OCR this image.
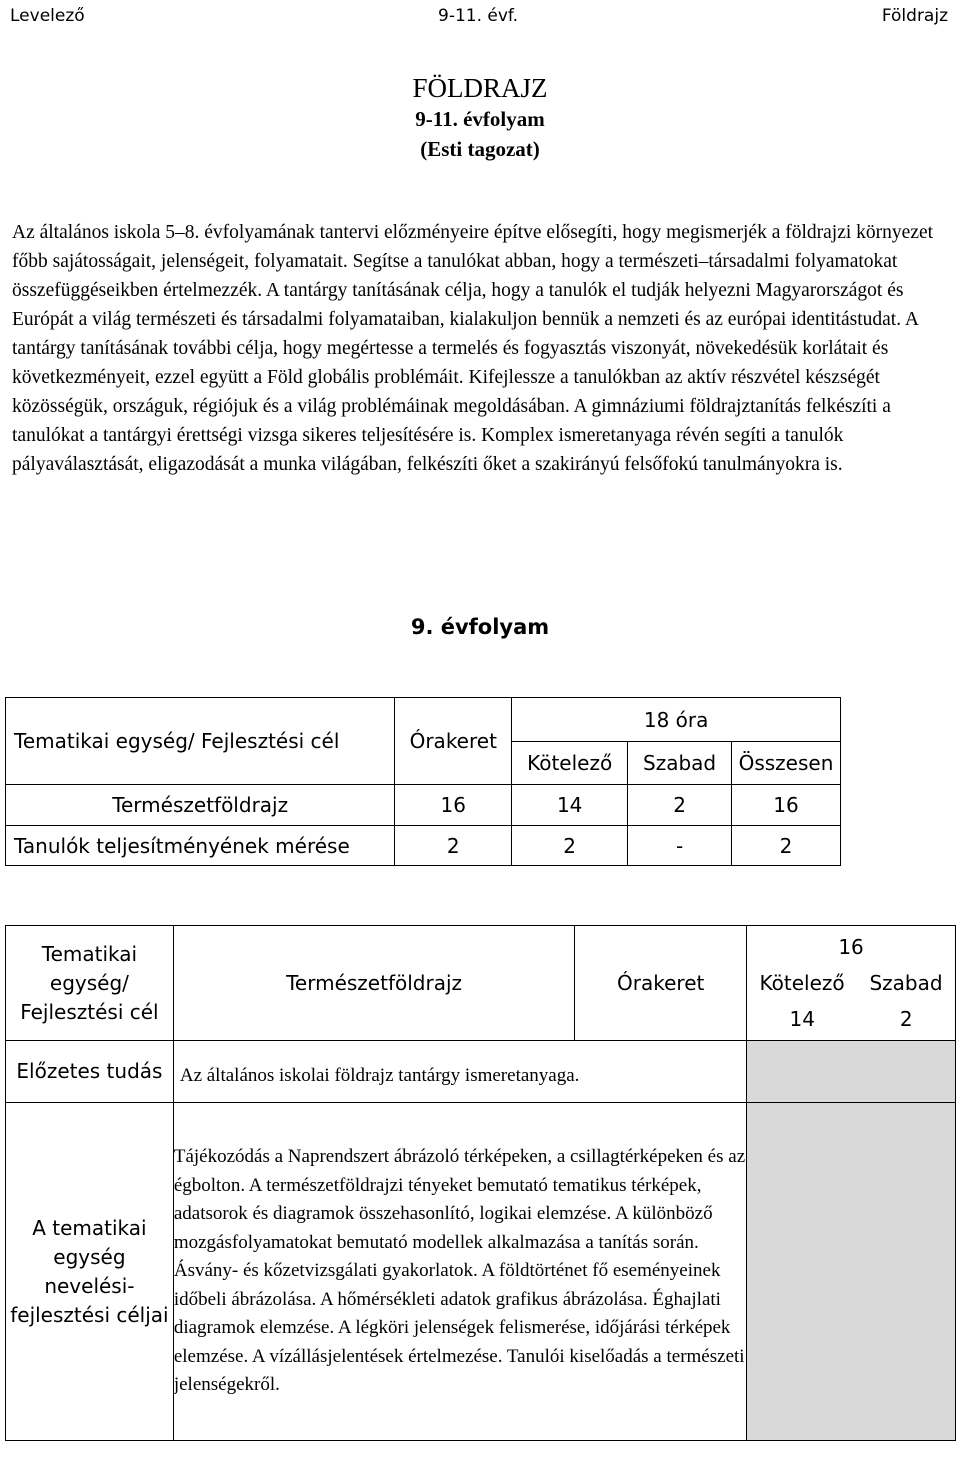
Levelező	9-11. évf.	Földrajz
FÖLDRAJZ
9-11. évfolyam
(Esti tagozat)
Az általános iskola 5–8. évfolyamának tantervi előzményeire építve elősegíti, hogy megismerjék a földrajzi környezet főbb sajátosságait, jelenségeit, folyamatait. Segítse a tanulókat abban, hogy a természeti–társadalmi folyamatokat összefüggéseikben értelmezzék. A tantárgy tanításának célja, hogy a tanulók el tudják helyezni Magyarországot és Európát a világ természeti és társadalmi folyamataiban, kialakuljon bennük a nemzeti és az európai identitástudat. A tantárgy tanításának további célja, hogy megértesse a termelés és fogyasztás viszonyát, növekedésük korlátait és következményeit, ezzel együtt a Föld globális problémáit. Kifejlessze a tanulókban az aktív részvétel készségét közösségük, országuk, régiójuk és a világ problémáinak megoldásában. A gimnáziumi földrajztanítás felkészíti a tanulókat a tantárgyi érettségi vizsga sikeres teljesítésére is. Komplex ismeretanyaga révén segíti a tanulók pályaválasztását, eligazodását a munka világában, felkészíti őket a szakirányú felsőfokú tanulmányokra is.
9. évfolyam
Tematikai egység/ Fejlesztési cél	Órakeret	18 óra		
		Kötelező	Szabad	Összesen
Természetföldrajz	16	14	2	16
Tanulók teljesítményének mérése	2	2	-	2
Tematikai egység/ Fejlesztési cél	Természetföldrajz	Órakeret	16
Kötelező Szabad
14 2

Előzetes tudás	Az általános iskolai földrajz tantárgy ismeretanyaga.		
A tematikai egység nevelési-fejlesztési céljai	Tájékozódás a Naprendszert ábrázoló térképeken, a csillagtérképeken és az égbolton. A természetföldrajzi tényeket bemutató tematikus térképek, adatsorok és diagramok összehasonlító, logikai elemzése. A különböző mozgásfolyamatokat bemutató modellek alkalmazása a tanítás során. Ásvány- és kőzetvizsgálati gyakorlatok. A földtörténet fő eseményeinek időbeli ábrázolása. A hőmérsékleti adatok grafikus ábrázolása. Éghajlati diagramok elemzése. A légköri jelenségek felismerése, időjárási térképek elemzése. A vízállásjelentések értelmezése. Tanulói kiselőadás a természeti jelenségekről.		
